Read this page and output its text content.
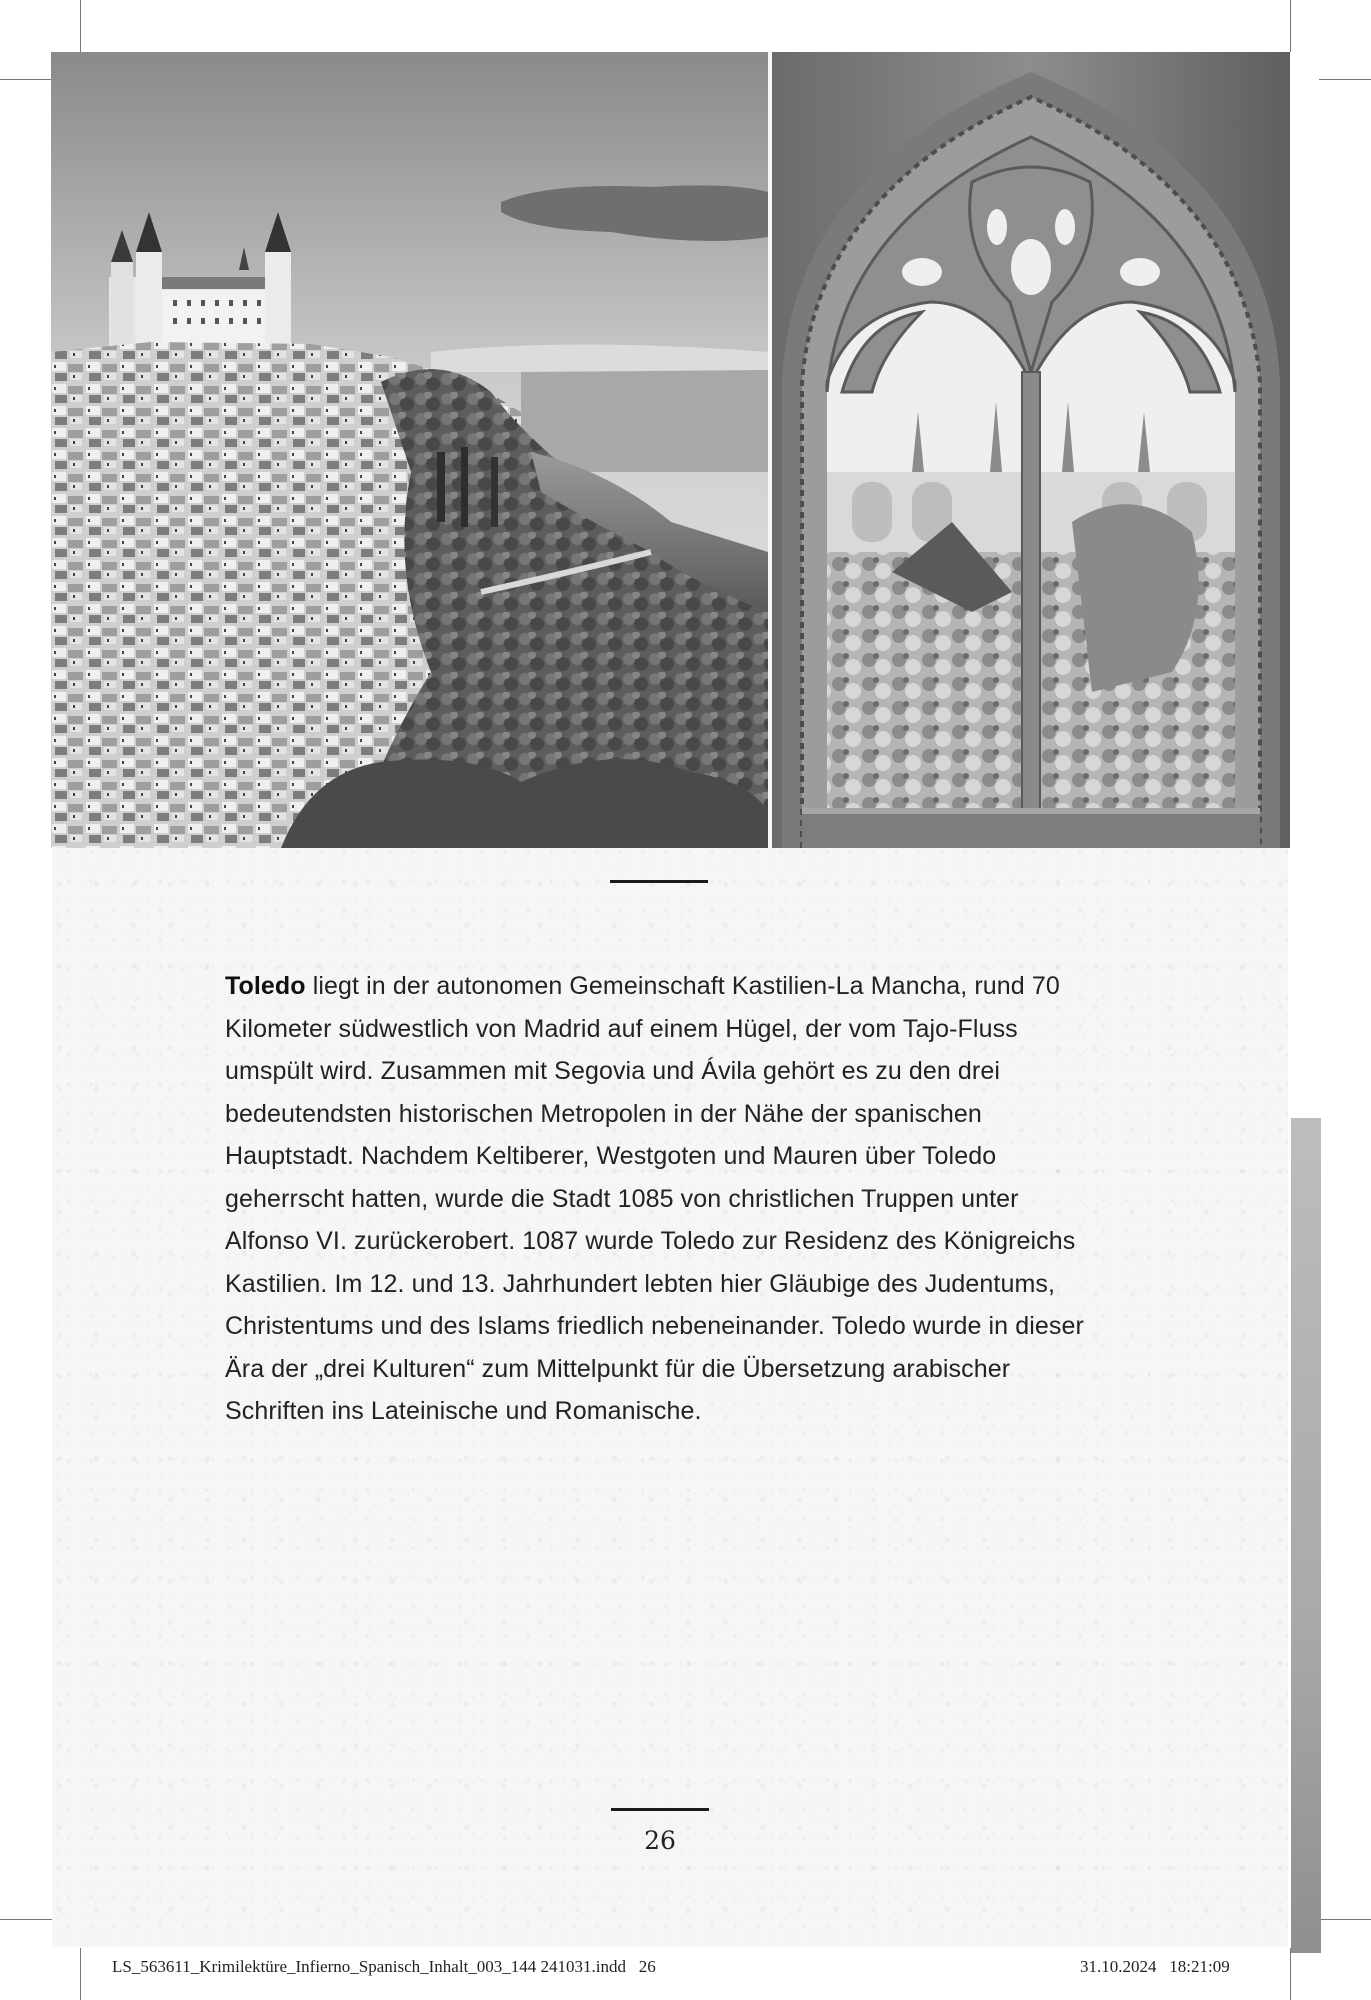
Toledo liegt in der autonomen Gemeinschaft Kastilien-La Mancha, rund 70 Kilometer südwestlich von Madrid auf einem Hügel, der vom Tajo-Fluss umspült wird. Zusammen mit Segovia und Ávila gehört es zu den drei bedeutendsten historischen Metropolen in der Nähe der spanischen Hauptstadt. Nachdem Keltiberer, Westgoten und Mauren über Toledo geherrscht hatten, wurde die Stadt 1085 von christlichen Truppen unter Alfonso VI. zurückerobert. 1087 wurde Toledo zur Residenz des Königreichs Kastilien. Im 12. und 13. Jahrhundert lebten hier Gläubige des Judentums, Christentums und des Islams friedlich nebeneinander. Toledo wurde in dieser Ära der „drei Kulturen“ zum Mittelpunkt für die Übersetzung arabischer Schriften ins Lateinische und Romanische.

26
LS_563611_Krimilektüre_Infierno_Spanisch_Inhalt_003_144 241031.indd   26	31.10.2024   18:21:09
